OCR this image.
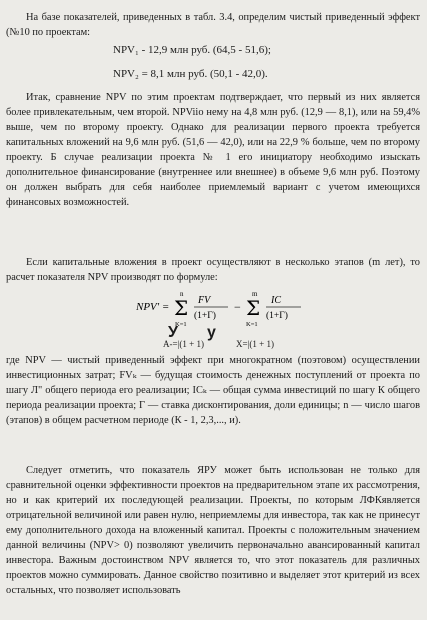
На базе показателей, приведенных в табл. 3.4, определим чистый приведенный эффект (№10 по проектам:

NPV₁ - 12,9 млн руб. (64,5 - 51,6);
NPV₂ = 8,1 млн руб. (50,1 - 42,0).

Итак, сравнение NPV по этим проектам подтверждает, что первый из них является более привлекательным, чем второй. NPViio нему на 4,8 млн руб. (12,9 — 8,1), или на 59,4% выше, чем по второму проекту. Однако для реализации первого проекта требуется капитальных вложений на 9,6 млн руб. (51,6 — 42,0), или на 22,9 % больше, чем по второму проекту. Б случае реализации проекта № 1 его инициатору необходимо изыскать дополнительное финансирование (внутреннее или внешнее) в объеме 9,6 млн руб. Поэтому он должен выбрать для себя наиболее приемлемый вариант с учетом имеющихся финансовых возможностей.

Если капитальные вложения в проект осуществляют в несколько этапов (m лет), то расчет показателя NPV производят по формуле:

NPV' =
n
Σ
K=1
FV
(1+Г)
−
m
Σ
K=1
IC
(1+Г)
У у
A-=|(1 + 1)	X=|(1 + 1)

где NPV — чистый приведенный эффект при многократном (поэтовом) осуществлении инвестиционных затрат; FVₖ — будущая стоимость денежных поступлений от проекта по шагу Л" общего периода его реализации; ICₖ — общая сумма инвестиций по шагу К общего периода реализации проекта; Г — ставка дисконтирования, доли единицы; n — число шагов (этапов) в общем расчетном периоде (К - 1, 2,3,..., и).

Следует отметить, что показатель ЯРУ может быть использован не только для сравнительной оценки эффективности проектов на предварительном этапе их рассмотрения, но и как критерий их последующей реализации. Проекты, по которым ЛФКявляется отрицательной величиной или равен нулю, неприемлемы для инвестора, так как не принесут ему дополнительного дохода на вложенный капитал. Проекты с положительным значением данной величины (NPV> 0) позволяют увеличить первоначально авансированный капитал инвестора. Важным достоинством NPV является то, что этот показатель для различных проектов можно суммировать. Данное свойство позитивно и выделяет этот критерий из всех остальных, что позволяет использовать
